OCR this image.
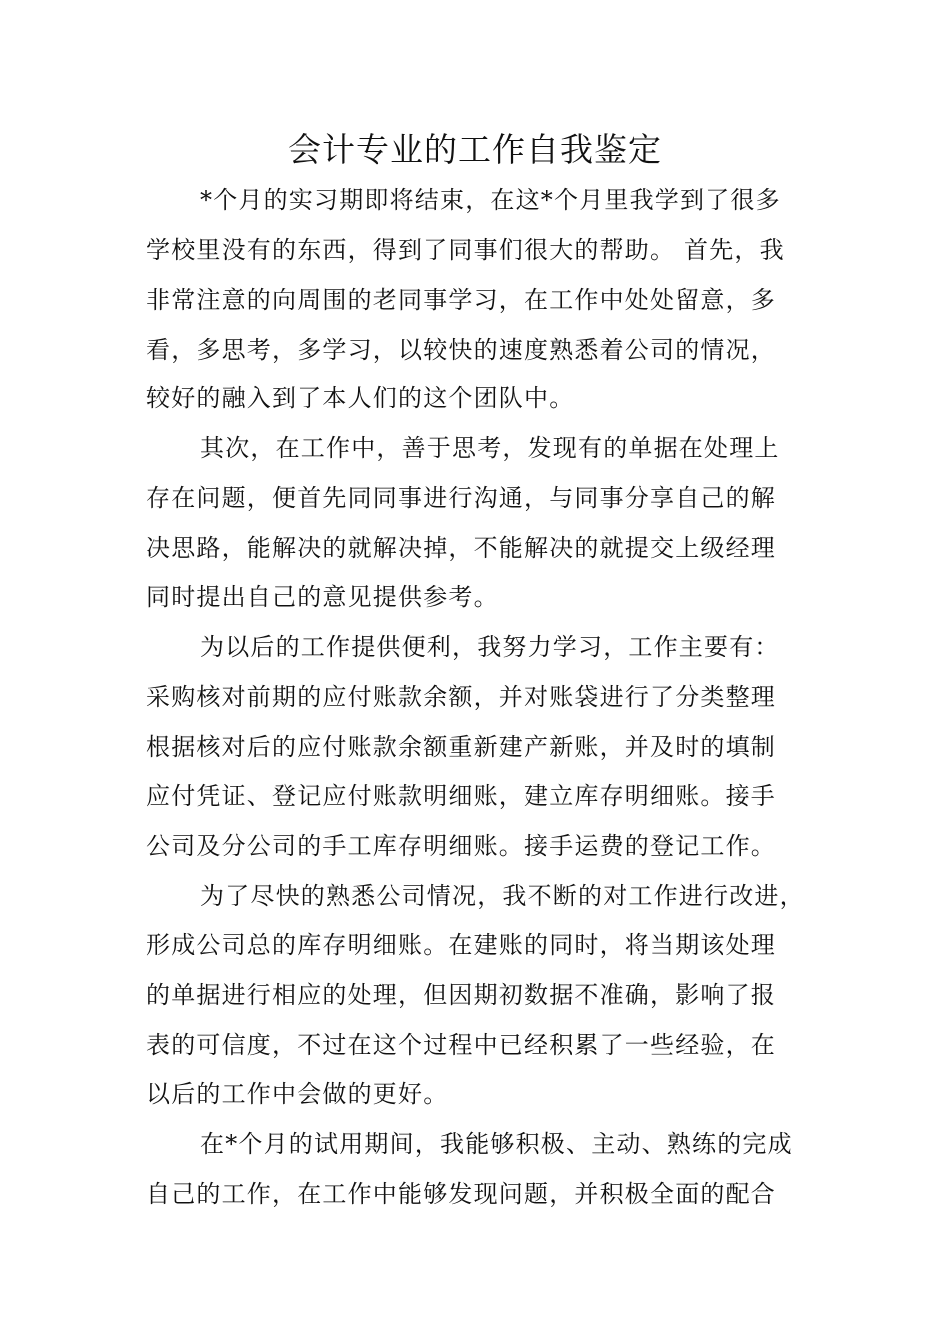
会计专业的工作自我鉴定
*个月的实习期即将结束，在这*个月里我学到了很多
学校里没有的东西，得到了同事们很大的帮助。 首先，我
非常注意的向周围的老同事学习，在工作中处处留意，多
看，多思考，多学习，以较快的速度熟悉着公司的情况，
较好的融入到了本人们的这个团队中。
其次，在工作中，善于思考，发现有的单据在处理上
存在问题，便首先同同事进行沟通，与同事分享自己的解
决思路，能解决的就解决掉，不能解决的就提交上级经理
同时提出自己的意见提供参考。
为以后的工作提供便利，我努力学习，工作主要有：
采购核对前期的应付账款余额，并对账袋进行了分类整理
根据核对后的应付账款余额重新建产新账，并及时的填制
应付凭证、登记应付账款明细账，建立库存明细账。接手
公司及分公司的手工库存明细账。接手运费的登记工作。
为了尽快的熟悉公司情况，我不断的对工作进行改进，
形成公司总的库存明细账。在建账的同时，将当期该处理
的单据进行相应的处理，但因期初数据不准确，影响了报
表的可信度，不过在这个过程中已经积累了一些经验，在
以后的工作中会做的更好。
在*个月的试用期间，我能够积极、主动、熟练的完成
自己的工作，在工作中能够发现问题，并积极全面的配合
